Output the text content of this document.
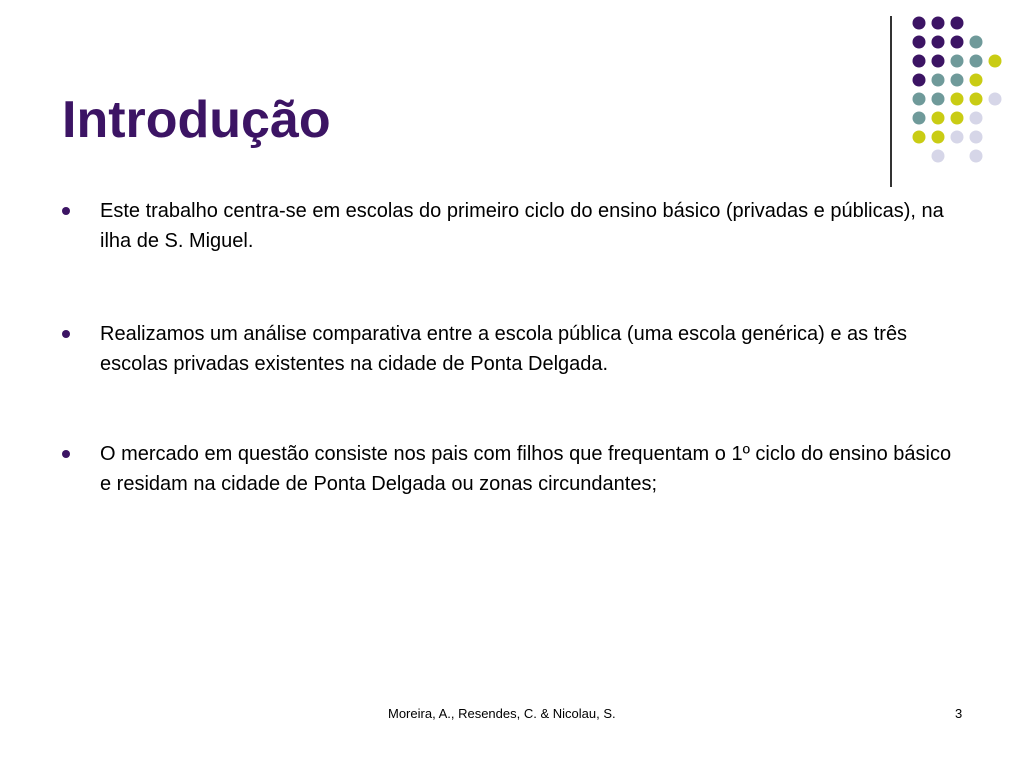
Introdução
Este trabalho centra-se em escolas do primeiro ciclo do ensino básico (privadas e públicas), na ilha de S. Miguel.
Realizamos um análise comparativa entre a escola pública (uma escola genérica) e as três escolas privadas existentes na cidade de Ponta Delgada.
O mercado em questão consiste nos pais com filhos que frequentam o 1º ciclo do ensino básico e residam na cidade de Ponta Delgada ou zonas circundantes;
Moreira, A., Resendes, C. & Nicolau, S.	3
